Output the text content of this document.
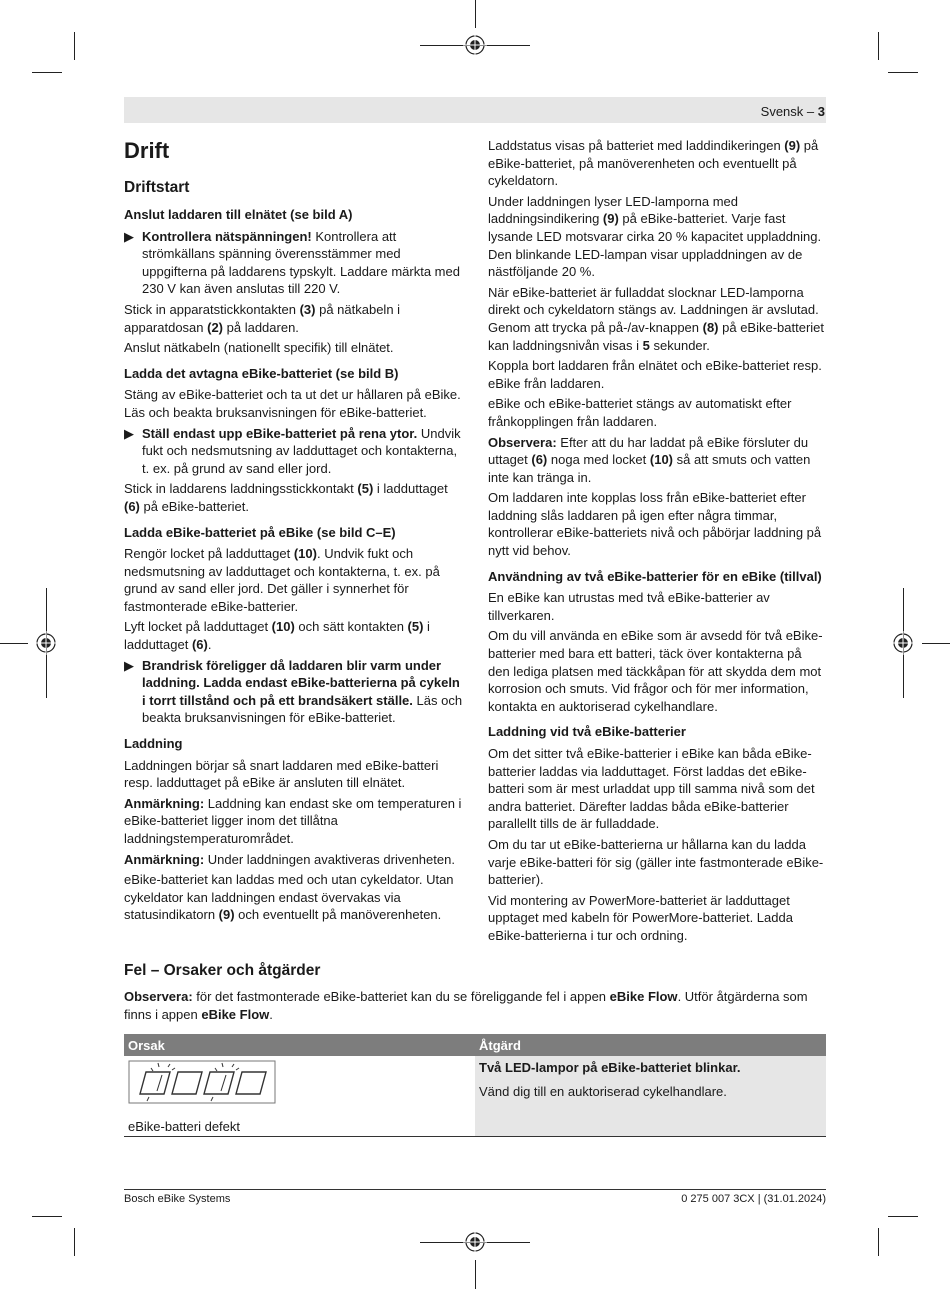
Svensk – 3
Drift
Driftstart
Anslut laddaren till elnätet (se bild A)

▶ Kontrollera nätspänningen! Kontrollera att strömkällans spänning överensstämmer med uppgifterna på laddarens typskylt. Laddare märkta med 230 V kan även anslutas till 220 V.

Stick in apparatstickkontakten (3) på nätkabeln i apparatdosan (2) på laddaren.

Anslut nätkabeln (nationellt specifik) till elnätet.

Ladda det avtagna eBike-batteriet (se bild B)

Stäng av eBike-batteriet och ta ut det ur hållaren på eBike. Läs och beakta bruksanvisningen för eBike-batteriet.

▶ Ställ endast upp eBike-batteriet på rena ytor. Undvik fukt och nedsmutsning av ladduttaget och kontakterna, t. ex. på grund av sand eller jord.

Stick in laddarens laddningsstickkontakt (5) i ladduttaget (6) på eBike-batteriet.

Ladda eBike-batteriet på eBike (se bild C–E)

Rengör locket på ladduttaget (10). Undvik fukt och nedsmutsning av ladduttaget och kontakterna, t. ex. på grund av sand eller jord. Det gäller i synnerhet för fastmonterade eBike-batterier.

Lyft locket på ladduttaget (10) och sätt kontakten (5) i ladduttaget (6).

▶ Brandrisk föreligger då laddaren blir varm under laddning. Ladda endast eBike-batterierna på cykeln i torrt tillstånd och på ett brandsäkert ställe. Läs och beakta bruksanvisningen för eBike-batteriet.

Laddning

Laddningen börjar så snart laddaren med eBike-batteri resp. ladduttaget på eBike är ansluten till elnätet.

Anmärkning: Laddning kan endast ske om temperaturen i eBike-batteriet ligger inom det tillåtna laddningstemperaturområdet.

Anmärkning: Under laddningen avaktiveras drivenheten.

eBike-batteriet kan laddas med och utan cykeldator. Utan cykeldator kan laddningen endast övervakas via statusindikatorn (9) och eventuellt på manöverenheten.

Laddstatus visas på batteriet med laddindikeringen (9) på eBike-batteriet, på manöverenheten och eventuellt på cykeldatorn.

Under laddningen lyser LED-lamporna med laddningsindikering (9) på eBike-batteriet. Varje fast lysande LED motsvarar cirka 20 % kapacitet uppladdning. Den blinkande LED-lampan visar uppladdningen av de nästföljande 20 %.

När eBike-batteriet är fulladdat slocknar LED-lamporna direkt och cykeldatorn stängs av. Laddningen är avslutad. Genom att trycka på på-/av-knappen (8) på eBike-batteriet kan laddningsnivån visas i 5 sekunder.

Koppla bort laddaren från elnätet och eBike-batteriet resp. eBike från laddaren.

eBike och eBike-batteriet stängs av automatiskt efter frånkopplingen från laddaren.

Observera: Efter att du har laddat på eBike försluter du uttaget (6) noga med locket (10) så att smuts och vatten inte kan tränga in.

Om laddaren inte kopplas loss från eBike-batteriet efter laddning slås laddaren på igen efter några timmar, kontrollerar eBike-batteriets nivå och påbörjar laddning på nytt vid behov.

Användning av två eBike-batterier för en eBike (tillval)

En eBike kan utrustas med två eBike-batterier av tillverkaren.

Om du vill använda en eBike som är avsedd för två eBike-batterier med bara ett batteri, täck över kontakterna på den lediga platsen med täckkåpan för att skydda dem mot korrosion och smuts. Vid frågor och för mer information, kontakta en auktoriserad cykelhandlare.

Laddning vid två eBike-batterier

Om det sitter två eBike-batterier i eBike kan båda eBike-batterier laddas via ladduttaget. Först laddas det eBike-batteri som är mest urladdat upp till samma nivå som det andra batteriet. Därefter laddas båda eBike-batterier parallellt tills de är fulladdade.

Om du tar ut eBike-batterierna ur hållarna kan du ladda varje eBike-batteri för sig (gäller inte fastmonterade eBike-batterier).

Vid montering av PowerMore-batteriet är ladduttaget upptaget med kabeln för PowerMore-batteriet. Ladda eBike-batterierna i tur och ordning.

Fel – Orsaker och åtgärder
Observera: för det fastmonterade eBike-batteriet kan du se föreliggande fel i appen eBike Flow. Utför åtgärderna som finns i appen eBike Flow.
Orsak	Åtgärd

eBike-batteri defekt	Två LED-lampor på eBike-batteriet blinkar.
Vänd dig till en auktoriserad cykelhandlare.
Bosch eBike Systems	0 275 007 3CX | (31.01.2024)
